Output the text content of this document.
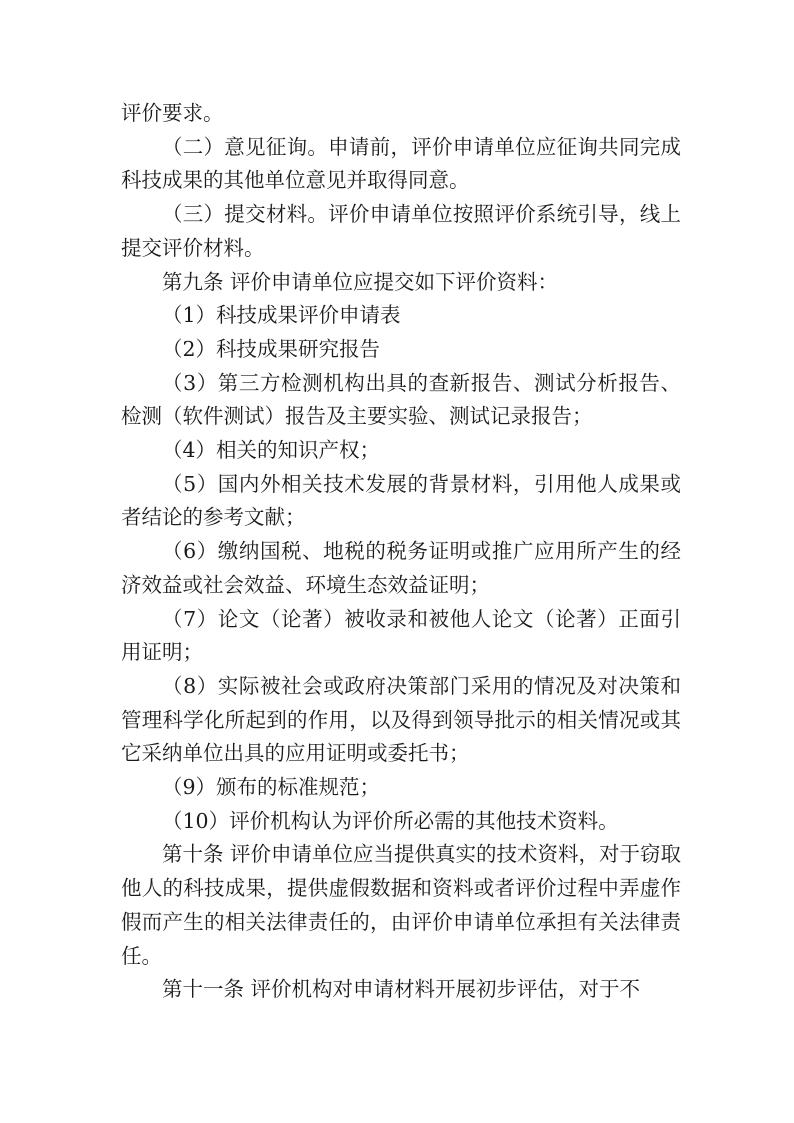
评价要求。

（二）意见征询。申请前，评价申请单位应征询共同完成科技成果的其他单位意见并取得同意。

（三）提交材料。评价申请单位按照评价系统引导，线上提交评价材料。

第九条 评价申请单位应提交如下评价资料：

（1）科技成果评价申请表

（2）科技成果研究报告

（3）第三方检测机构出具的查新报告、测试分析报告、检测（软件测试）报告及主要实验、测试记录报告；

（4）相关的知识产权；

（5）国内外相关技术发展的背景材料，引用他人成果或者结论的参考文献；

（6）缴纳国税、地税的税务证明或推广应用所产生的经济效益或社会效益、环境生态效益证明；

（7）论文（论著）被收录和被他人论文（论著）正面引用证明；

（8）实际被社会或政府决策部门采用的情况及对决策和管理科学化所起到的作用，以及得到领导批示的相关情况或其它采纳单位出具的应用证明或委托书；

（9）颁布的标准规范；

（10）评价机构认为评价所必需的其他技术资料。

第十条 评价申请单位应当提供真实的技术资料，对于窃取他人的科技成果，提供虚假数据和资料或者评价过程中弄虚作假而产生的相关法律责任的，由评价申请单位承担有关法律责任。

第十一条 评价机构对申请材料开展初步评估，对于不
